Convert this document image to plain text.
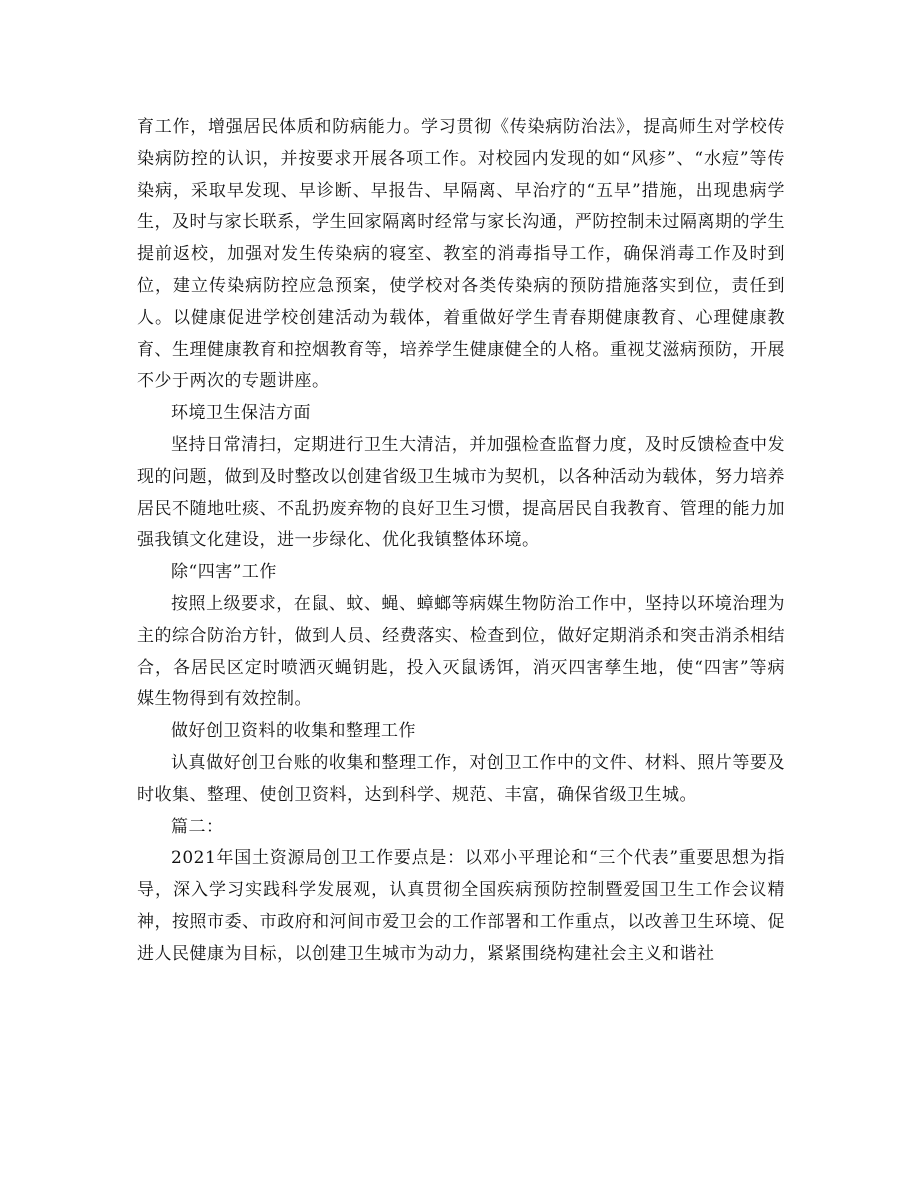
育工作，增强居民体质和防病能力。学习贯彻《传染病防治法》，提高师生对学校传染病防控的认识，并按要求开展各项工作。对校园内发现的如“风疹”、“水痘”等传染病，采取早发现、早诊断、早报告、早隔离、早治疗的“五早”措施，出现患病学生，及时与家长联系，学生回家隔离时经常与家长沟通，严防控制未过隔离期的学生提前返校，加强对发生传染病的寝室、教室的消毒指导工作，确保消毒工作及时到位，建立传染病防控应急预案，使学校对各类传染病的预防措施落实到位，责任到人。以健康促进学校创建活动为载体，着重做好学生青春期健康教育、心理健康教育、生理健康教育和控烟教育等，培养学生健康健全的人格。重视艾滋病预防，开展不少于两次的专题讲座。

环境卫生保洁方面

坚持日常清扫，定期进行卫生大清洁，并加强检查监督力度，及时反馈检查中发现的问题，做到及时整改以创建省级卫生城市为契机，以各种活动为载体，努力培养居民不随地吐痰、不乱扔废弃物的良好卫生习惯，提高居民自我教育、管理的能力加强我镇文化建设，进一步绿化、优化我镇整体环境。

除“四害”工作

按照上级要求，在鼠、蚊、蝇、蟑螂等病媒生物防治工作中，坚持以环境治理为主的综合防治方针，做到人员、经费落实、检查到位，做好定期消杀和突击消杀相结合，各居民区定时喷洒灭蝇钥匙，投入灭鼠诱饵，消灭四害孳生地，使“四害”等病媒生物得到有效控制。

做好创卫资料的收集和整理工作

认真做好创卫台账的收集和整理工作，对创卫工作中的文件、材料、照片等要及时收集、整理、使创卫资料，达到科学、规范、丰富，确保省级卫生城。

篇二：

2021年国土资源局创卫工作要点是：以邓小平理论和“三个代表”重要思想为指导，深入学习实践科学发展观，认真贯彻全国疾病预防控制暨爱国卫生工作会议精神，按照市委、市政府和河间市爱卫会的工作部署和工作重点，以改善卫生环境、促进人民健康为目标，以创建卫生城市为动力，紧紧围绕构建社会主义和谐社
